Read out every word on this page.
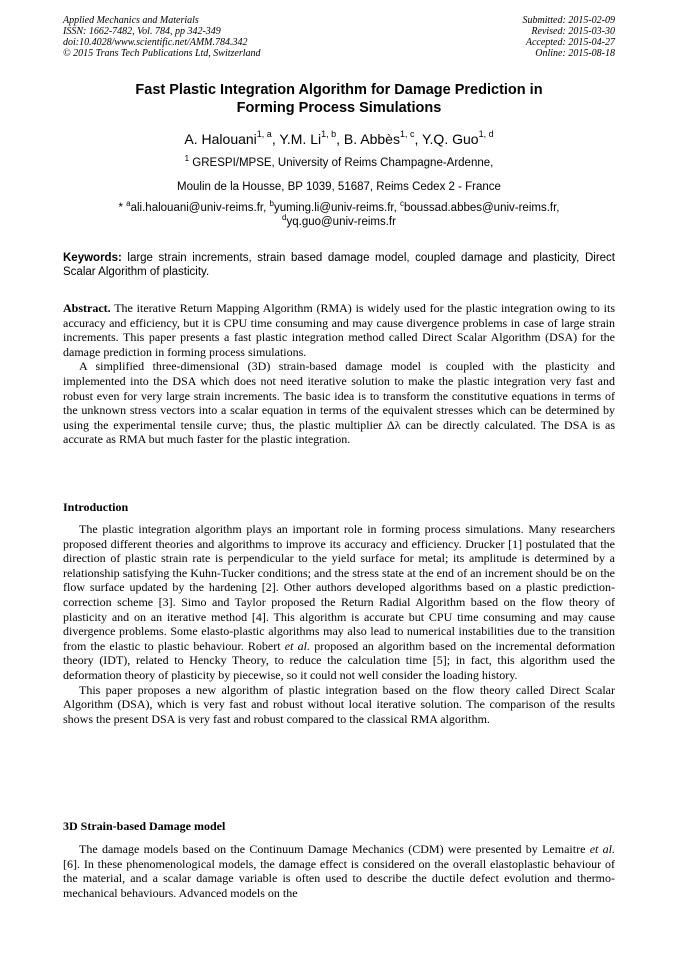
Applied Mechanics and Materials
ISSN: 1662-7482, Vol. 784, pp 342-349
doi:10.4028/www.scientific.net/AMM.784.342
© 2015 Trans Tech Publications Ltd, Switzerland
Submitted: 2015-02-09
Revised: 2015-03-30
Accepted: 2015-04-27
Online: 2015-08-18
Fast Plastic Integration Algorithm for Damage Prediction in
Forming Process Simulations
A. Halouani$^{1, a}$, Y.M. Li$^{1, b}$, B. Abbès$^{1, c}$, Y.Q. Guo$^{1, d}$
$^1$ GRESPI/MPSE, University of Reims Champagne-Ardenne,
Moulin de la Housse, BP 1039, 51687, Reims Cedex 2 - France
* $^a$ali.halouani@univ-reims.fr, $^b$yuming.li@univ-reims.fr, $^c$boussad.abbes@univ-reims.fr,
$^d$yq.guo@univ-reims.fr
Keywords: large strain increments, strain based damage model, coupled damage and plasticity, Direct Scalar Algorithm of plasticity.

Abstract. The iterative Return Mapping Algorithm (RMA) is widely used for the plastic integration owing to its accuracy and efficiency, but it is CPU time consuming and may cause divergence problems in case of large strain increments. This paper presents a fast plastic integration method called Direct Scalar Algorithm (DSA) for the damage prediction in forming process simulations.

A simplified three-dimensional (3D) strain-based damage model is coupled with the plasticity and implemented into the DSA which does not need iterative solution to make the plastic integration very fast and robust even for very large strain increments. The basic idea is to transform the constitutive equations in terms of the unknown stress vectors into a scalar equation in terms of the equivalent stresses which can be determined by using the experimental tensile curve; thus, the plastic multiplier Δλ can be directly calculated. The DSA is as accurate as RMA but much faster for the plastic integration.

Introduction

The plastic integration algorithm plays an important role in forming process simulations. Many researchers proposed different theories and algorithms to improve its accuracy and efficiency. Drucker [1] postulated that the direction of plastic strain rate is perpendicular to the yield surface for metal; its amplitude is determined by a relationship satisfying the Kuhn-Tucker conditions; and the stress state at the end of an increment should be on the flow surface updated by the hardening [2]. Other authors developed algorithms based on a plastic prediction-correction scheme [3]. Simo and Taylor proposed the Return Radial Algorithm based on the flow theory of plasticity and on an iterative method [4]. This algorithm is accurate but CPU time consuming and may cause divergence problems. Some elasto-plastic algorithms may also lead to numerical instabilities due to the transition from the elastic to plastic behaviour. Robert et al. proposed an algorithm based on the incremental deformation theory (IDT), related to Hencky Theory, to reduce the calculation time [5]; in fact, this algorithm used the deformation theory of plasticity by piecewise, so it could not well consider the loading history.

This paper proposes a new algorithm of plastic integration based on the flow theory called Direct Scalar Algorithm (DSA), which is very fast and robust without local iterative solution. The comparison of the results shows the present DSA is very fast and robust compared to the classical RMA algorithm.

3D Strain-based Damage model

The damage models based on the Continuum Damage Mechanics (CDM) were presented by Lemaitre et al. [6]. In these phenomenological models, the damage effect is considered on the overall elastoplastic behaviour of the material, and a scalar damage variable is often used to describe the ductile defect evolution and thermo-mechanical behaviours. Advanced models on the
